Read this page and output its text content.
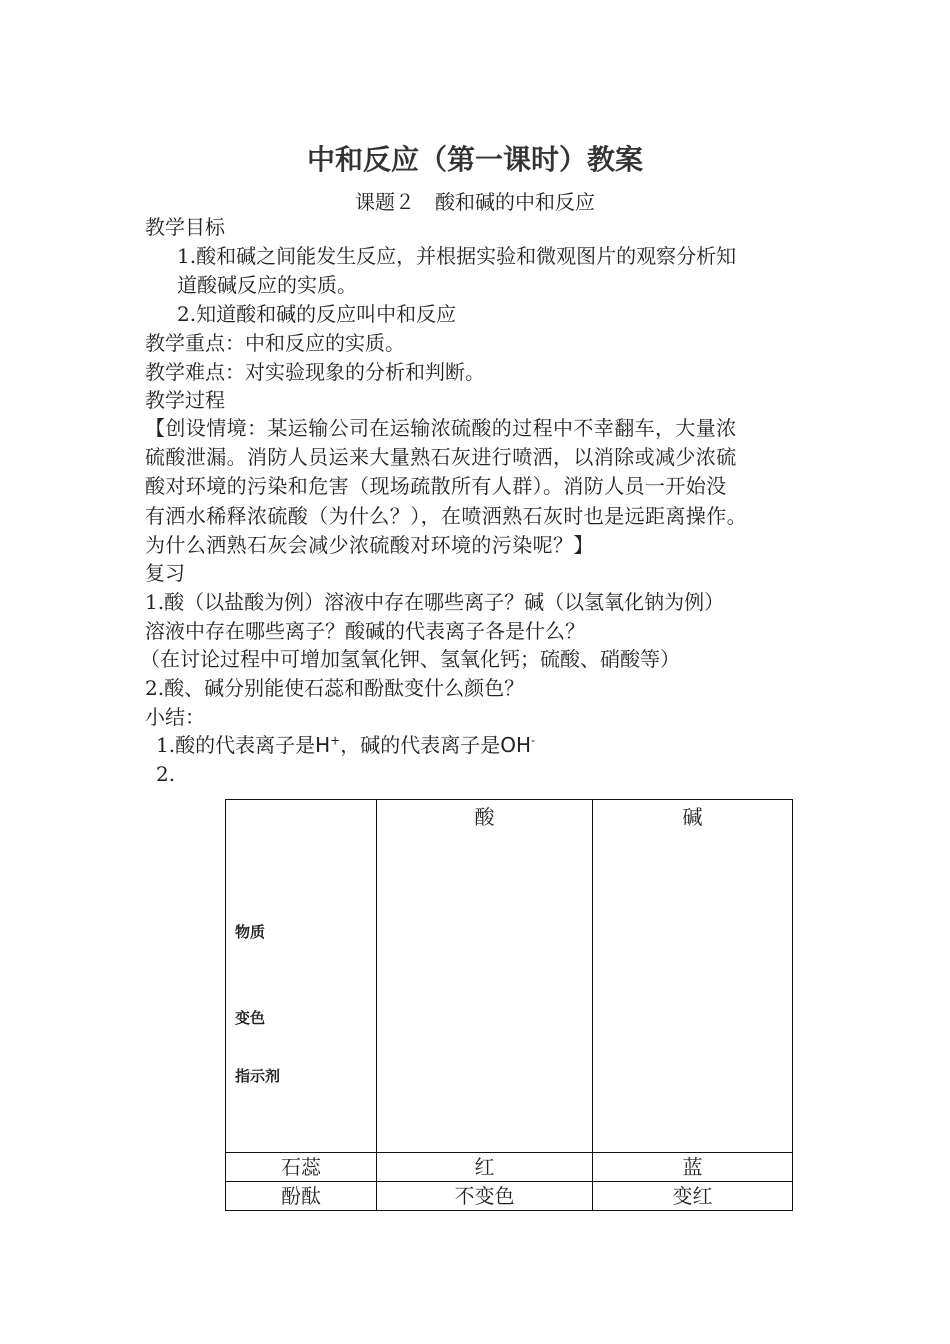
中和反应（第一课时）教案
课题２　酸和碱的中和反应
教学目标
1.酸和碱之间能发生反应，并根据实验和微观图片的观察分析知
道酸碱反应的实质。
2.知道酸和碱的反应叫中和反应
教学重点：中和反应的实质。
教学难点：对实验现象的分析和判断。
教学过程
【创设情境：某运输公司在运输浓硫酸的过程中不幸翻车，大量浓
硫酸泄漏。消防人员运来大量熟石灰进行喷洒，以消除或减少浓硫
酸对环境的污染和危害（现场疏散所有人群）。消防人员一开始没
有洒水稀释浓硫酸（为什么？），在喷洒熟石灰时也是远距离操作。
为什么洒熟石灰会减少浓硫酸对环境的污染呢？】
复习
1.酸（以盐酸为例）溶液中存在哪些离子？碱（以氢氧化钠为例）
溶液中存在哪些离子？酸碱的代表离子各是什么？
（在讨论过程中可增加氢氧化钾、氢氧化钙；硫酸、硝酸等）
2.酸、碱分别能使石蕊和酚酞变什么颜色？
小结：
1.酸的代表离子是H+，碱的代表离子是OH-
2.
物质
变色
指示剂	酸	碱
石蕊	红	蓝
酚酞	不变色	变红
